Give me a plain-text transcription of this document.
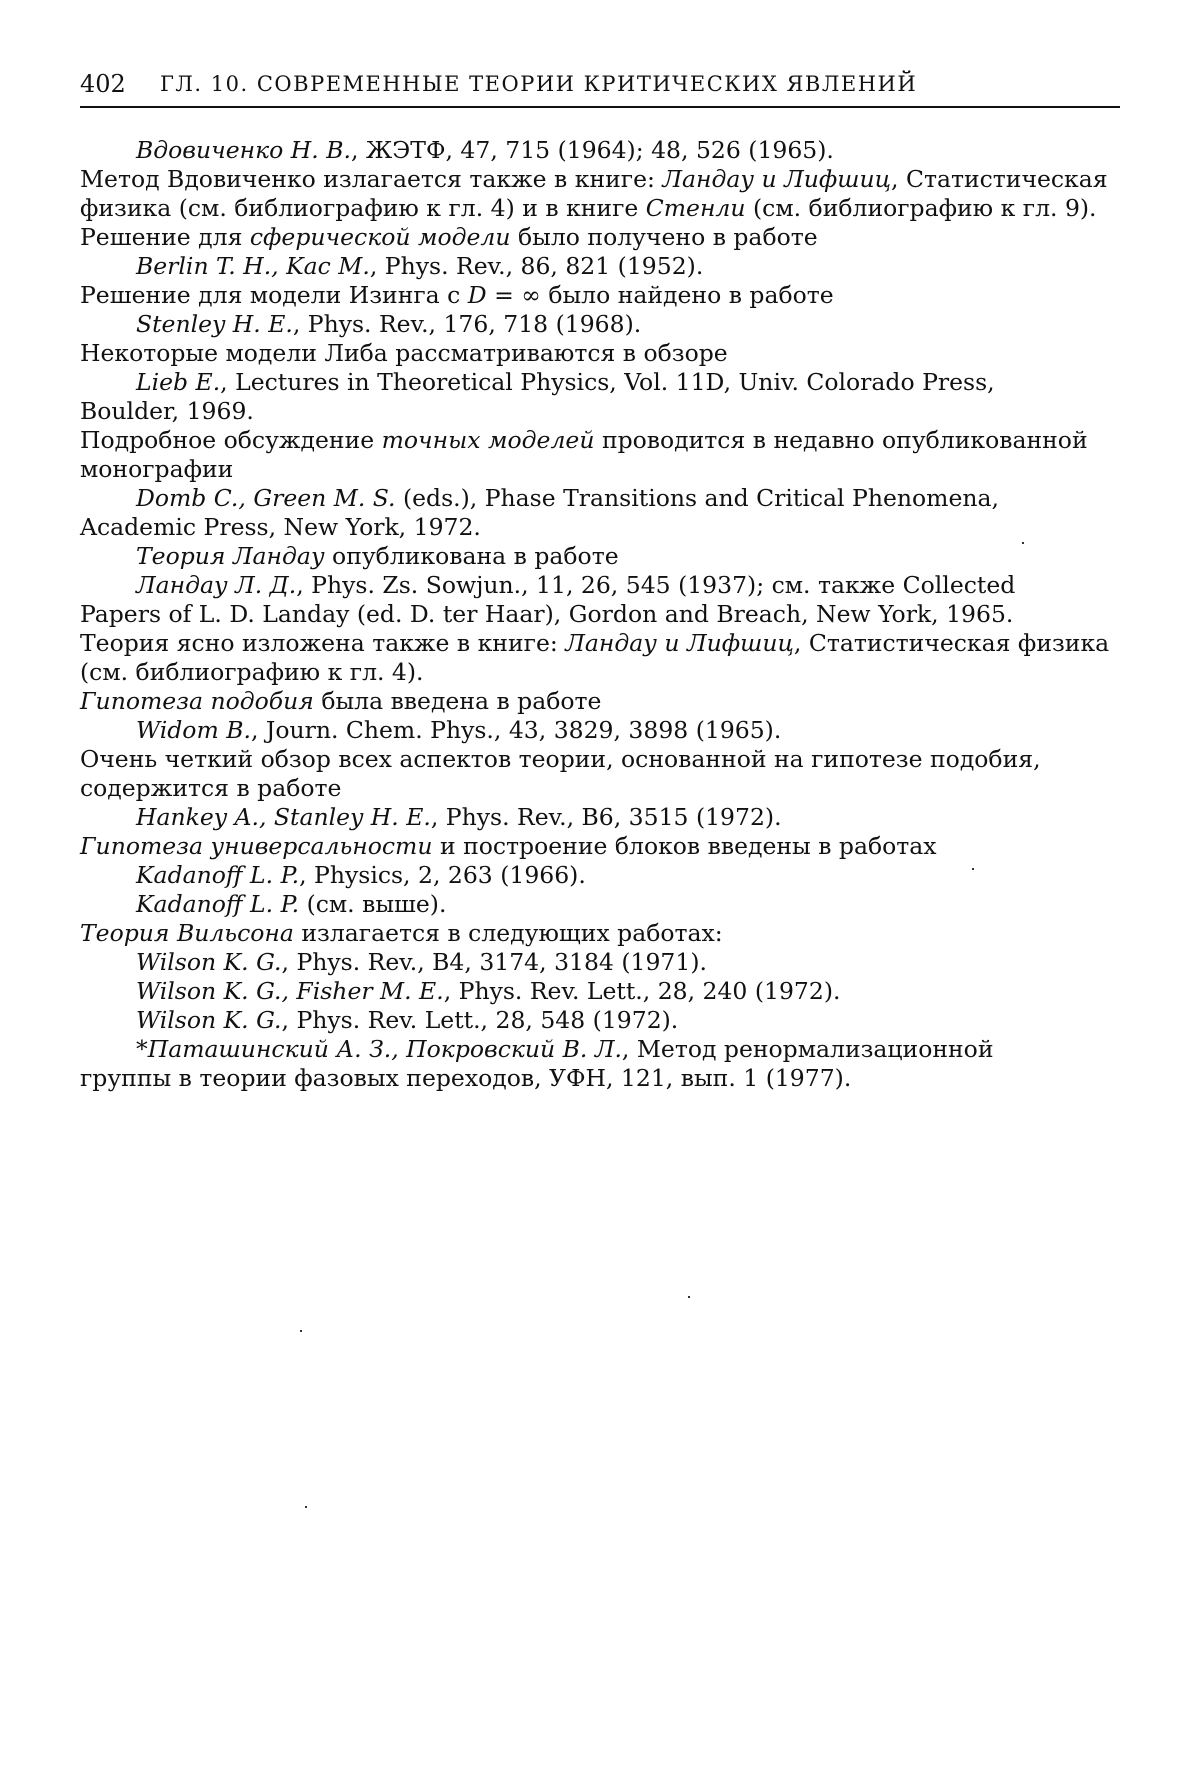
402 ГЛ. 10. СОВРЕМЕННЫЕ ТЕОРИИ КРИТИЧЕСКИХ ЯВЛЕНИЙ

Вдовиченко Н. В., ЖЭТФ, 47, 715 (1964); 48, 526 (1965).

Метод Вдовиченко излагается также в книге: Ландау и Лифшиц, Статистическая физика (см. библиографию к гл. 4) и в книге Стенли (см. библиографию к гл. 9).

Решение для сферической модели было получено в работе

Berlin T. H., Kac M., Phys. Rev., 86, 821 (1952).

Решение для модели Изинга с D = ∞ было найдено в работе

Stenley H. E., Phys. Rev., 176, 718 (1968).

Некоторые модели Либа рассматриваются в обзоре

Lieb E., Lectures in Theoretical Physics, Vol. 11D, Univ. Colorado Press,

Boulder, 1969.

Подробное обсуждение точных моделей проводится в недавно опубликованной монографии

Domb C., Green M. S. (eds.), Phase Transitions and Critical Phenomena,

Academic Press, New York, 1972.

Теория Ландау опубликована в работе

Ландау Л. Д., Phys. Zs. Sowjun., 11, 26, 545 (1937); см. также Collected

Papers of L. D. Landay (ed. D. ter Haar), Gordon and Breach, New York, 1965.

Теория ясно изложена также в книге: Ландау и Лифшиц, Статистическая физика (см. библиографию к гл. 4).

Гипотеза подобия была введена в работе

Widom B., Journ. Chem. Phys., 43, 3829, 3898 (1965).

Очень четкий обзор всех аспектов теории, основанной на гипотезе подобия, содержится в работе

Hankey A., Stanley H. E., Phys. Rev., B6, 3515 (1972).

Гипотеза универсальности и построение блоков введены в работах

Kadanoff L. P., Physics, 2, 263 (1966).

Kadanoff L. P. (см. выше).

Теория Вильсона излагается в следующих работах:

Wilson K. G., Phys. Rev., B4, 3174, 3184 (1971).

Wilson K. G., Fisher M. E., Phys. Rev. Lett., 28, 240 (1972).

Wilson K. G., Phys. Rev. Lett., 28, 548 (1972).

*Паташинский А. З., Покровский В. Л., Метод ренормализационной

группы в теории фазовых переходов, УФН, 121, вып. 1 (1977).
